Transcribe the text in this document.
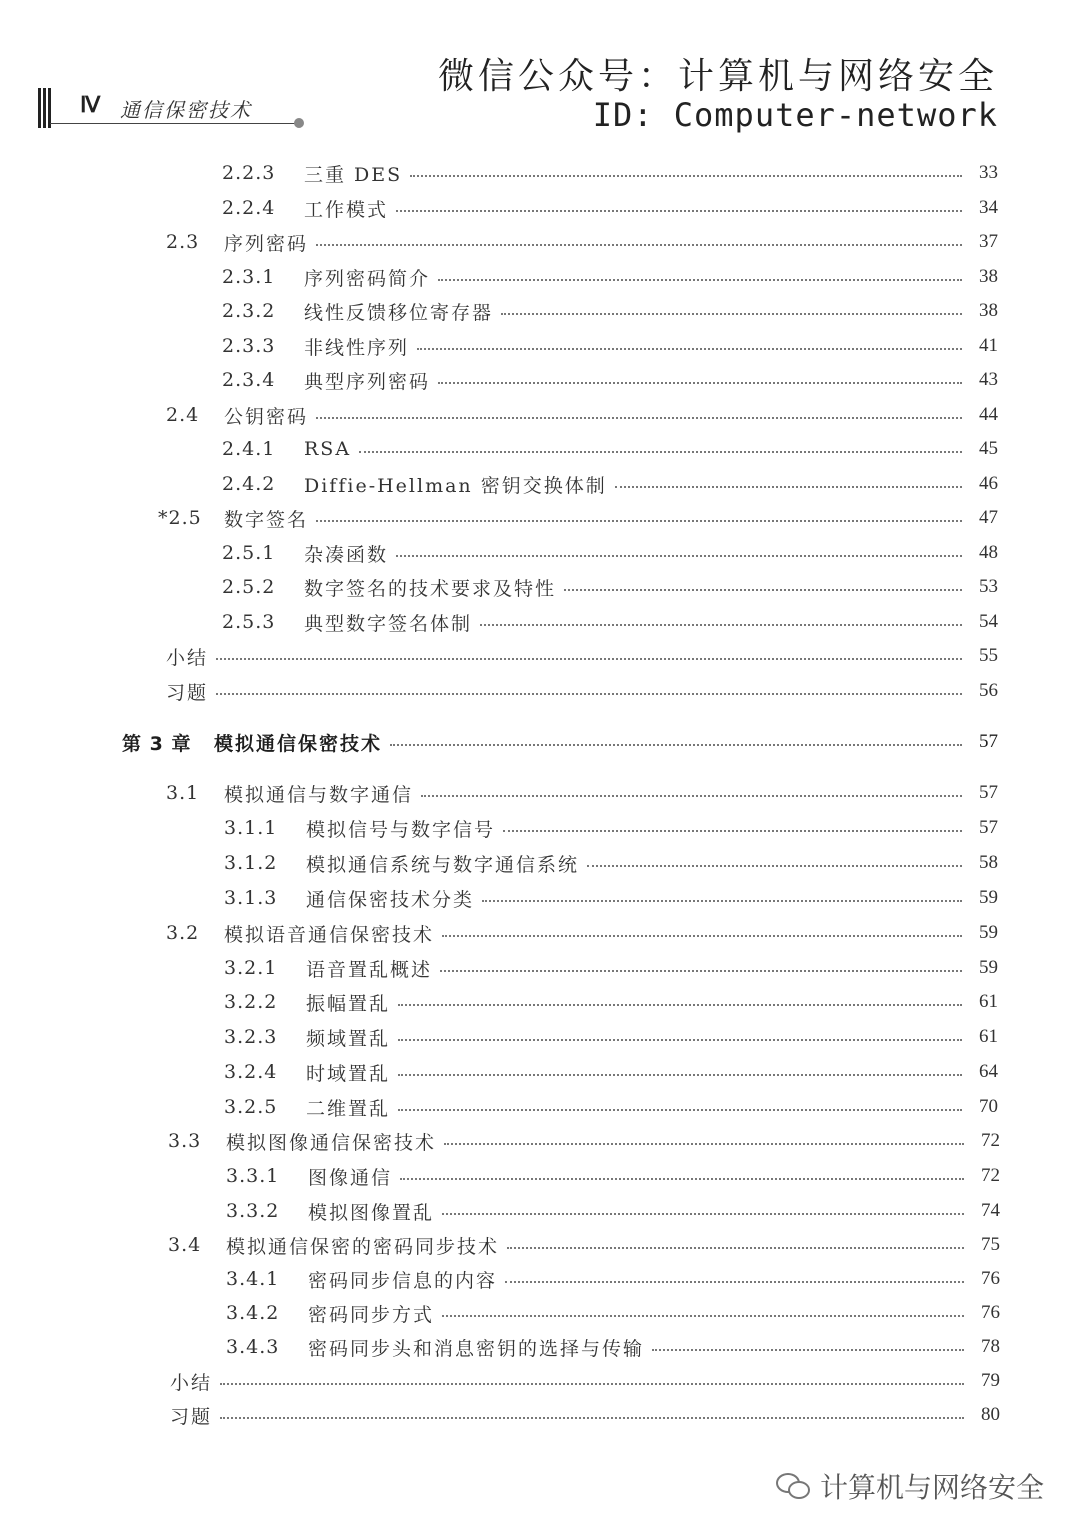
Ⅳ 通信保密技术
微信公众号：计算机与网络安全
ID: Computer-network
2.2.3	三重 DES	33
2.2.4	工作模式	34
2.3	序列密码	37
2.3.1	序列密码简介	38
2.3.2	线性反馈移位寄存器	38
2.3.3	非线性序列	41
2.3.4	典型序列密码	43
2.4	公钥密码	44
2.4.1	RSA	45
2.4.2	Diffie-Hellman 密钥交换体制	46
*2.5	数字签名	47
2.5.1	杂凑函数	48
2.5.2	数字签名的技术要求及特性	53
2.5.3	典型数字签名体制	54
小结	55
习题	56
第 3 章	模拟通信保密技术	57
3.1	模拟通信与数字通信	57
3.1.1	模拟信号与数字信号	57
3.1.2	模拟通信系统与数字通信系统	58
3.1.3	通信保密技术分类	59
3.2	模拟语音通信保密技术	59
3.2.1	语音置乱概述	59
3.2.2	振幅置乱	61
3.2.3	频域置乱	61
3.2.4	时域置乱	64
3.2.5	二维置乱	70
3.3	模拟图像通信保密技术	72
3.3.1	图像通信	72
3.3.2	模拟图像置乱	74
3.4	模拟通信保密的密码同步技术	75
3.4.1	密码同步信息的内容	76
3.4.2	密码同步方式	76
3.4.3	密码同步头和消息密钥的选择与传输	78
小结	79
习题	80
计算机与网络安全
